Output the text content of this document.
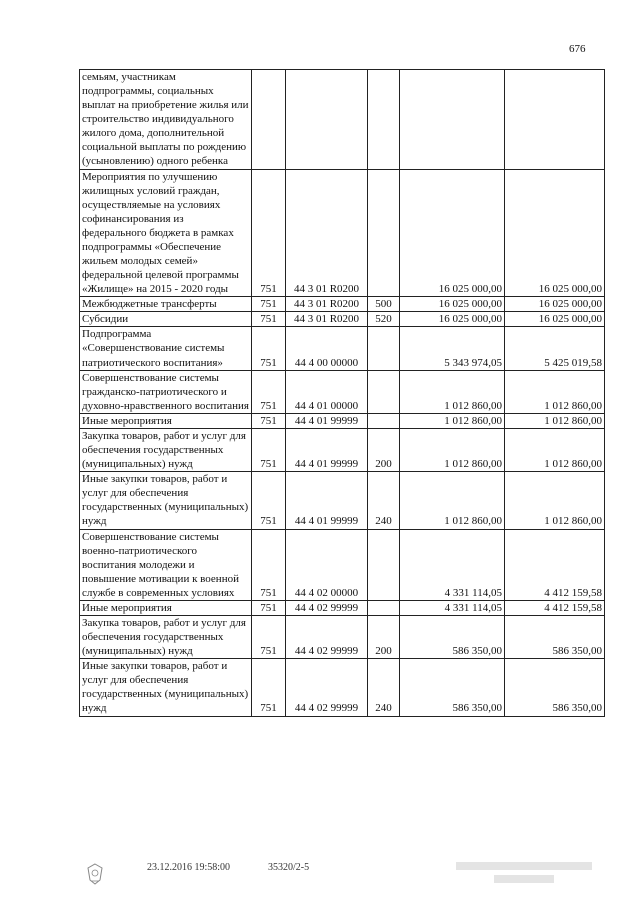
676
семьям, участникам подпрограммы, социальных выплат на приобретение жилья или строительство индивидуального жилого дома, дополнительной социальной выплаты по рождению (усыновлению) одного ребенка					
Мероприятия по улучшению жилищных условий граждан, осуществляемые на условиях софинансирования из федерального бюджета в рамках подпрограммы «Обеспечение жильем молодых семей» федеральной целевой программы «Жилище» на 2015 - 2020 годы	751	44 3 01 R0200		16 025 000,00	16 025 000,00
Межбюджетные трансферты	751	44 3 01 R0200	500	16 025 000,00	16 025 000,00
Субсидии	751	44 3 01 R0200	520	16 025 000,00	16 025 000,00
Подпрограмма «Совершенствование системы патриотического воспитания»	751	44 4 00 00000		5 343 974,05	5 425 019,58
Совершенствование системы гражданско-патриотического и духовно-нравственного воспитания	751	44 4 01 00000		1 012 860,00	1 012 860,00
Иные мероприятия	751	44 4 01 99999		1 012 860,00	1 012 860,00
Закупка товаров, работ и услуг для обеспечения государственных (муниципальных) нужд	751	44 4 01 99999	200	1 012 860,00	1 012 860,00
Иные закупки товаров, работ и услуг для обеспечения государственных (муниципальных) нужд	751	44 4 01 99999	240	1 012 860,00	1 012 860,00
Совершенствование системы военно-патриотического воспитания молодежи и повышение мотивации к военной службе в современных условиях	751	44 4 02 00000		4 331 114,05	4 412 159,58
Иные мероприятия	751	44 4 02 99999		4 331 114,05	4 412 159,58
Закупка товаров, работ и услуг для обеспечения государственных (муниципальных) нужд	751	44 4 02 99999	200	586 350,00	586 350,00
Иные закупки товаров, работ и услуг для обеспечения государственных (муниципальных) нужд	751	44 4 02 99999	240	586 350,00	586 350,00
23.12.2016 19:58:00	35320/2-5
